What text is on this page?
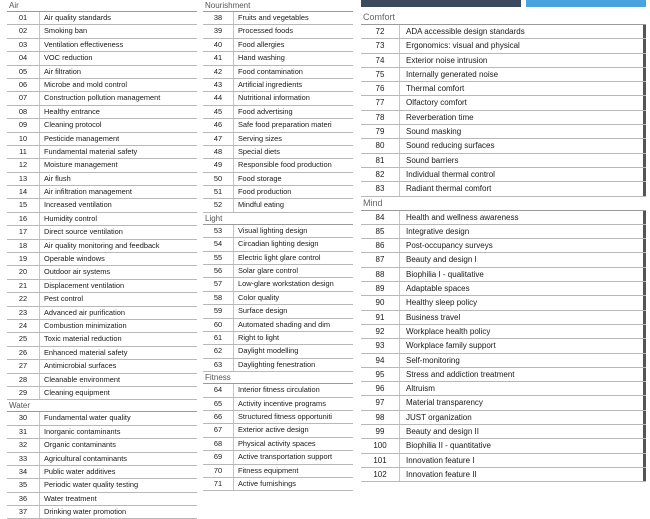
Air
01	Air quality standards
02	Smoking ban
03	Ventilation effectiveness
04	VOC reduction
05	Air filtration
06	Microbe and mold control
07	Construction pollution management
08	Healthy entrance
09	Cleaning protocol
10	Pesticide management
11	Fundamental material safety
12	Moisture management
13	Air flush
14	Air infiltration management
15	Increased ventilation
16	Humidity control
17	Direct source ventilation
18	Air quality monitoring and feedback
19	Operable windows
20	Outdoor air systems
21	Displacement ventilation
22	Pest control
23	Advanced air purification
24	Combustion minimization
25	Toxic material reduction
26	Enhanced material safety
27	Antimicrobial surfaces
28	Cleanable environment
29	Cleaning equipment
Water
30	Fundamental water quality
31	Inorganic contaminants
32	Organic contaminants
33	Agricultural contaminants
34	Public water additives
35	Periodic water quality testing
36	Water treatment
37	Drinking water promotion
Nourishment
38	Fruits and vegetables
39	Processed foods
40	Food allergies
41	Hand washing
42	Food contamination
43	Artificial ingredients
44	Nutritional information
45	Food advertising
46	Safe food preparation materi
47	Serving sizes
48	Special diets
49	Responsible food production
50	Food storage
51	Food production
52	Mindful eating
Light
53	Visual lighting design
54	Circadian lighting design
55	Electric light glare control
56	Solar glare control
57	Low-glare workstation design
58	Color quality
59	Surface design
60	Automated shading and dim
61	Right to light
62	Daylight modelling
63	Daylighting fenestration
Fitness
64	Interior fitness circulation
65	Activity incentive programs
66	Structured fitness opportuniti
67	Exterior active design
68	Physical activity spaces
69	Active transportation support
70	Fitness equipment
71	Active furnishings
Comfort
72	ADA accessible design standards
73	Ergonomics: visual and physical
74	Exterior noise intrusion
75	Internally generated noise
76	Thermal comfort
77	Olfactory comfort
78	Reverberation time
79	Sound masking
80	Sound reducing surfaces
81	Sound barriers
82	Individual thermal control
83	Radiant thermal comfort
Mind
84	Health and wellness awareness
85	Integrative design
86	Post-occupancy surveys
87	Beauty and design I
88	Biophilia I - qualitative
89	Adaptable spaces
90	Healthy sleep policy
91	Business travel
92	Workplace health policy
93	Workplace family support
94	Self-monitoring
95	Stress and addiction treatment
96	Altruism
97	Material transparency
98	JUST organization
99	Beauty and design II
100	Biophilia II - quantitative
101	Innovation feature I
102	Innovation feature II
